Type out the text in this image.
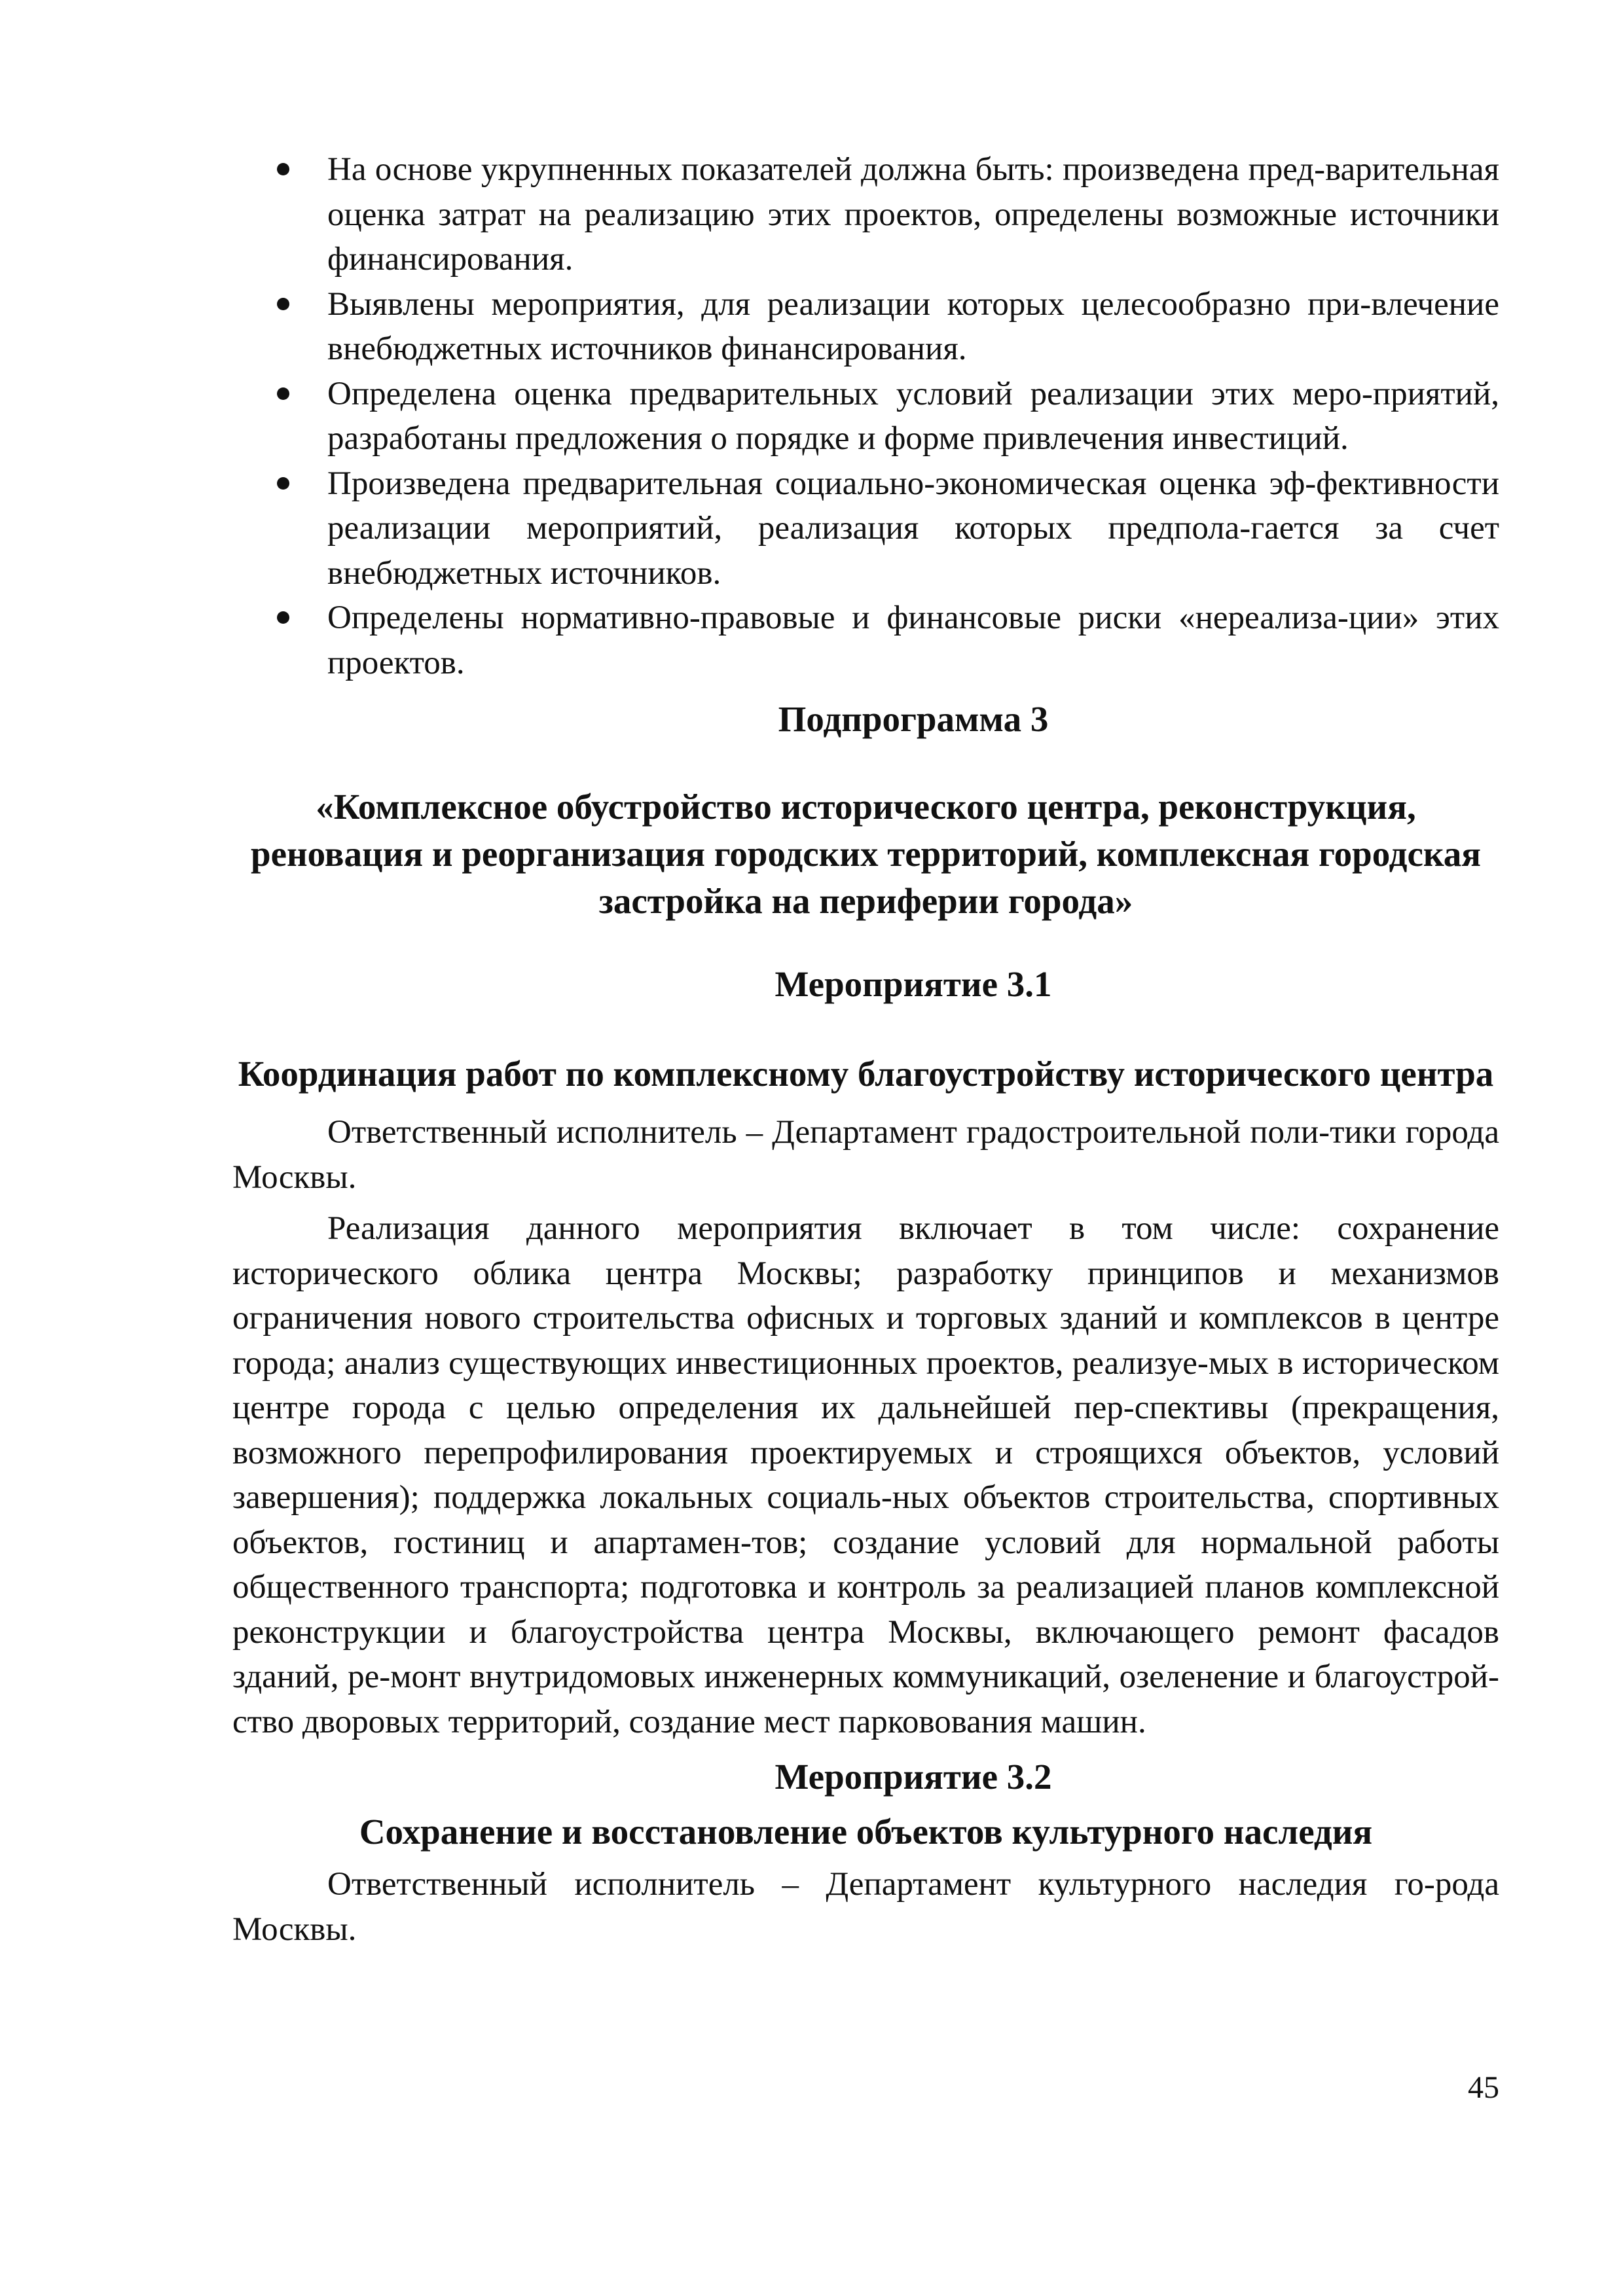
На основе укрупненных показателей должна быть: произведена пред-варительная оценка затрат на реализацию этих проектов, определены возможные источники финансирования.
Выявлены мероприятия, для реализации которых целесообразно при-влечение внебюджетных источников финансирования.
Определена оценка предварительных условий реализации этих меро-приятий, разработаны предложения о порядке и форме привлечения инвестиций.
Произведена предварительная социально-экономическая оценка эф-фективности реализации мероприятий, реализация которых предпола-гается за счет внебюджетных источников.
Определены нормативно-правовые и финансовые риски «нереализа-ции» этих проектов.
Подпрограмма 3
«Комплексное обустройство исторического центра, реконструкция, реновация и реорганизация городских территорий, комплексная городская застройка на периферии города»
Мероприятие 3.1
Координация работ по комплексному благоустройству исторического центра

Ответственный исполнитель – Департамент градостроительной поли-тики города Москвы.

Реализация данного мероприятия включает в том числе: сохранение исторического облика центра Москвы; разработку принципов и механизмов ограничения нового строительства офисных и торговых зданий и комплексов в центре города; анализ существующих инвестиционных проектов, реализуе-мых в историческом центре города с целью определения их дальнейшей пер-спективы (прекращения, возможного перепрофилирования проектируемых и строящихся объектов, условий завершения); поддержка локальных социаль-ных объектов строительства, спортивных объектов, гостиниц и апартамен-тов; создание условий для нормальной работы общественного транспорта; подготовка и контроль за реализацией планов комплексной реконструкции и благоустройства центра Москвы, включающего ремонт фасадов зданий, ре-монт внутридомовых инженерных коммуникаций, озеленение и благоустрой-ство дворовых территорий, создание мест парковования машин.

Мероприятие 3.2
Сохранение и восстановление объектов культурного наследия

Ответственный исполнитель – Департамент культурного наследия го-рода Москвы.

45
